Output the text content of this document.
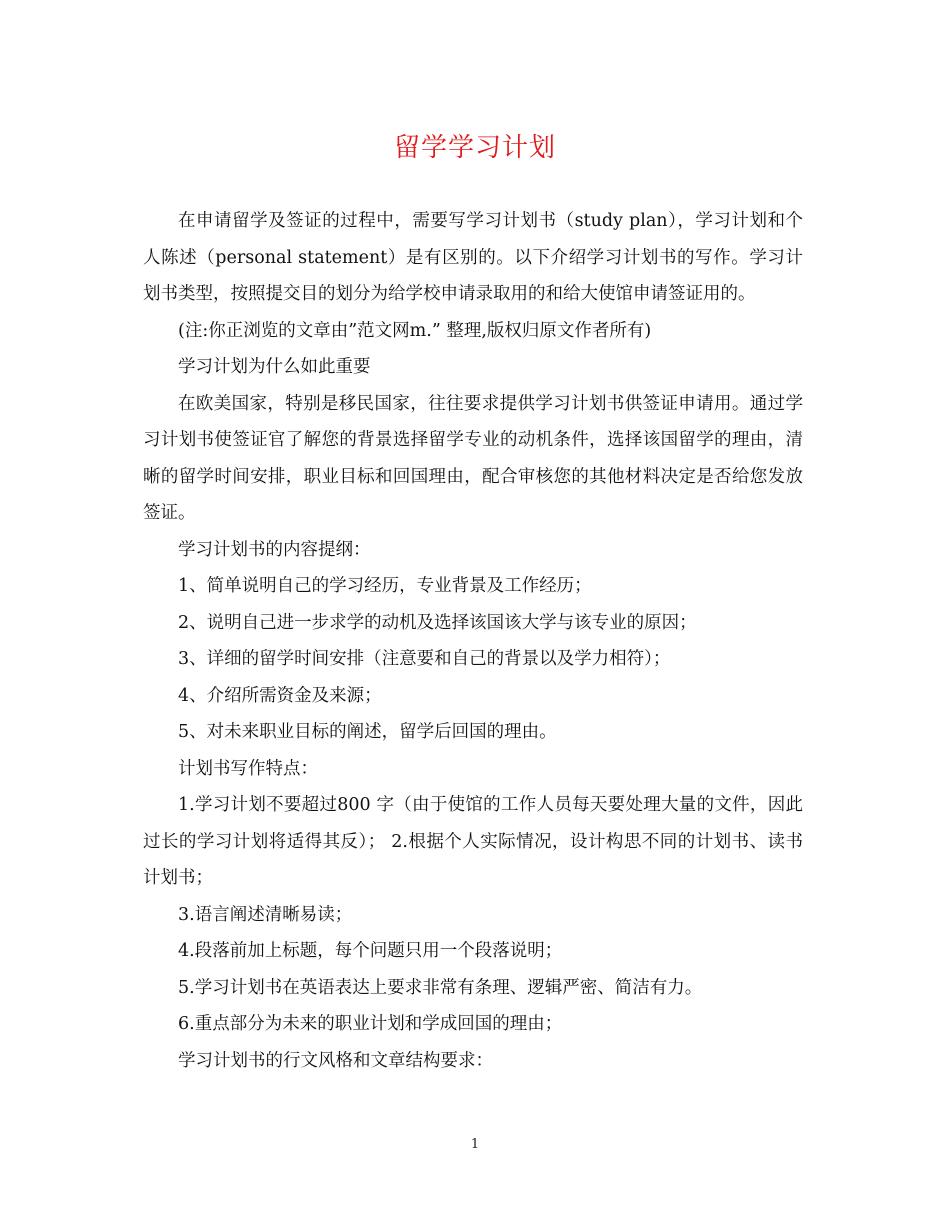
留学学习计划

在申请留学及签证的过程中，需要写学习计划书（study plan），学习计划和个人陈述（personal statement）是有区别的。以下介绍学习计划书的写作。学习计划书类型，按照提交目的划分为给学校申请录取用的和给大使馆申请签证用的。

(注:你正浏览的文章由”范文网m.” 整理,版权归原文作者所有)

学习计划为什么如此重要

在欧美国家，特别是移民国家，往往要求提供学习计划书供签证申请用。通过学习计划书使签证官了解您的背景选择留学专业的动机条件，选择该国留学的理由，清晰的留学时间安排，职业目标和回国理由，配合审核您的其他材料决定是否给您发放签证。

学习计划书的内容提纲：

1、简单说明自己的学习经历，专业背景及工作经历；

2、说明自己进一步求学的动机及选择该国该大学与该专业的原因；

3、详细的留学时间安排（注意要和自己的背景以及学力相符）；

4、介绍所需资金及来源；

5、对未来职业目标的阐述，留学后回国的理由。

计划书写作特点：

1.学习计划不要超过800 字（由于使馆的工作人员每天要处理大量的文件，因此过长的学习计划将适得其反）； 2.根据个人实际情况，设计构思不同的计划书、读书计划书；

3.语言阐述清晰易读；

4.段落前加上标题，每个问题只用一个段落说明；

5.学习计划书在英语表达上要求非常有条理、逻辑严密、简洁有力。

6.重点部分为未来的职业计划和学成回国的理由；

学习计划书的行文风格和文章结构要求：

1
